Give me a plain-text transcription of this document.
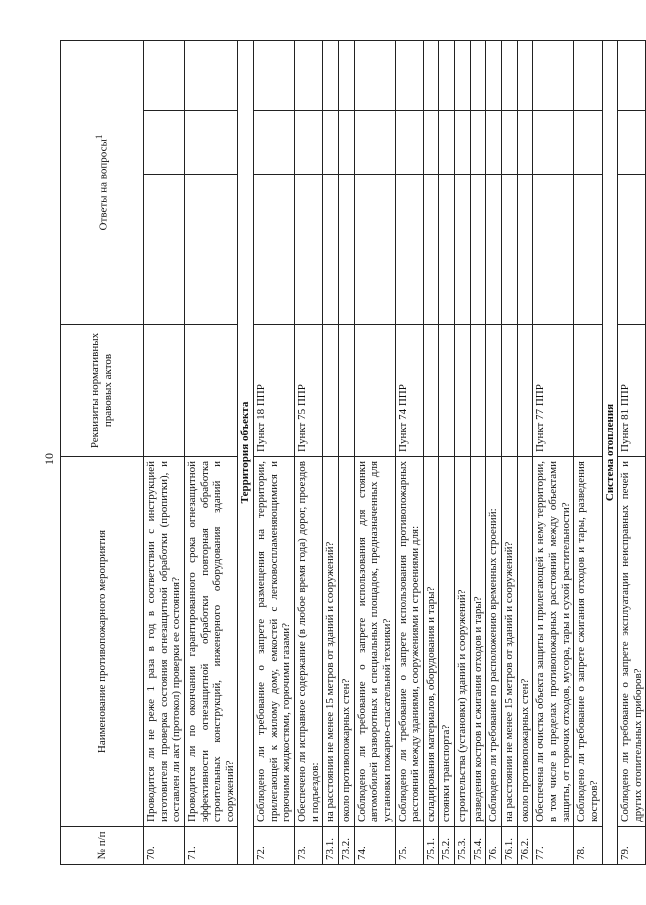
10
№ п/п	Наименование противопожарного мероприятия	Реквизиты нормативных правовых актов	Ответы на вопросы$^1$
70.	Проводится ли не реже 1 раза в год в соответствии с инструкцией изготовителя проверка состояния огнезащитной обработки (пропитки), и составлен ли акт (протокол) проверки ее состояния?				
71.	Проводится ли по окончании гарантированного срока огнезащитной эффективности огнезащитной обработки повторная обработка строительных конструкций, инженерного оборудования зданий и сооружений?				
Территория объекта					
72.	Соблюдено ли требование о запрете размещения на территории, прилегающей к жилому дому, емкостей с легковоспламеняющимися и горючими жидкостями, горючими газами?	Пункт 18 ППР			
73.	Обеспечено ли исправное содержание (в любое время года) дорог, проездов и подъездов:	Пункт 75 ППР			
73.1.	на расстоянии не менее 15 метров от зданий и сооружений?				
73.2.	около противопожарных стен?				
74.	Соблюдено ли требование о запрете использования для стоянки автомобилей разворотных и специальных площадок, предназначенных для установки пожарно-спасательной техники?				
75.	Соблюдено ли требование о запрете использования противопожарных расстояний между зданиями, сооружениями и строениями для:	Пункт 74 ППР			
75.1.	складирования материалов, оборудования и тары?				
75.2.	стоянки транспорта?				
75.3.	строительства (установки) зданий и сооружений?				
75.4.	разведения костров и сжигания отходов и тары?				
76.	Соблюдено ли требование по расположению временных строений:				
76.1.	на расстоянии не менее 15 метров от зданий и сооружений?				
76.2.	около противопожарных стен?				
77.	Обеспечена ли очистка объекта защиты и прилегающей к нему территории, в том числе в пределах противопожарных расстояний между объектами защиты, от горючих отходов, мусора, тары и сухой растительности?	Пункт 77 ППР			
78.	Соблюдено ли требование о запрете сжигания отходов и тары, разведения костров?				
Система отопления					
79.	Соблюдено ли требование о запрете эксплуатации неисправных печей и других отопительных приборов?	Пункт 81 ППР			
